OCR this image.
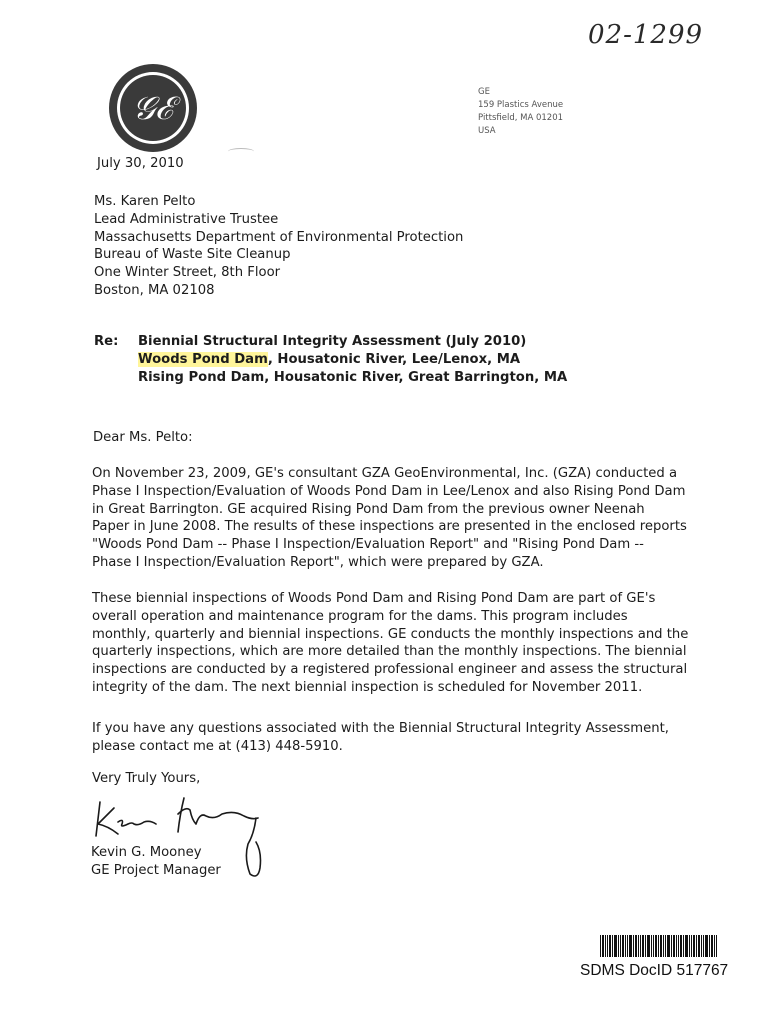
02-1299
𝒢ℰ	GE
159 Plastics Avenue
Pittsfield, MA 01201
USA
July 30, 2010
Ms. Karen Pelto
Lead Administrative Trustee
Massachusetts Department of Environmental Protection
Bureau of Waste Site Cleanup
One Winter Street, 8th Floor
Boston, MA 02108
Re: Biennial Structural Integrity Assessment (July 2010)
Woods Pond Dam, Housatonic River, Lee/Lenox, MA
Rising Pond Dam, Housatonic River, Great Barrington, MA
Dear Ms. Pelto:
On November 23, 2009, GE's consultant GZA GeoEnvironmental, Inc. (GZA) conducted a
Phase I Inspection/Evaluation of Woods Pond Dam in Lee/Lenox and also Rising Pond Dam
in Great Barrington. GE acquired Rising Pond Dam from the previous owner Neenah
Paper in June 2008. The results of these inspections are presented in the enclosed reports
"Woods Pond Dam -- Phase I Inspection/Evaluation Report" and "Rising Pond Dam --
Phase I Inspection/Evaluation Report", which were prepared by GZA.
These biennial inspections of Woods Pond Dam and Rising Pond Dam are part of GE's
overall operation and maintenance program for the dams. This program includes
monthly, quarterly and biennial inspections. GE conducts the monthly inspections and the
quarterly inspections, which are more detailed than the monthly inspections. The biennial
inspections are conducted by a registered professional engineer and assess the structural
integrity of the dam. The next biennial inspection is scheduled for November 2011.
If you have any questions associated with the Biennial Structural Integrity Assessment,
please contact me at (413) 448-5910.
Very Truly Yours,
Kevin G. Mooney
GE Project Manager
SDMS DocID 517767
